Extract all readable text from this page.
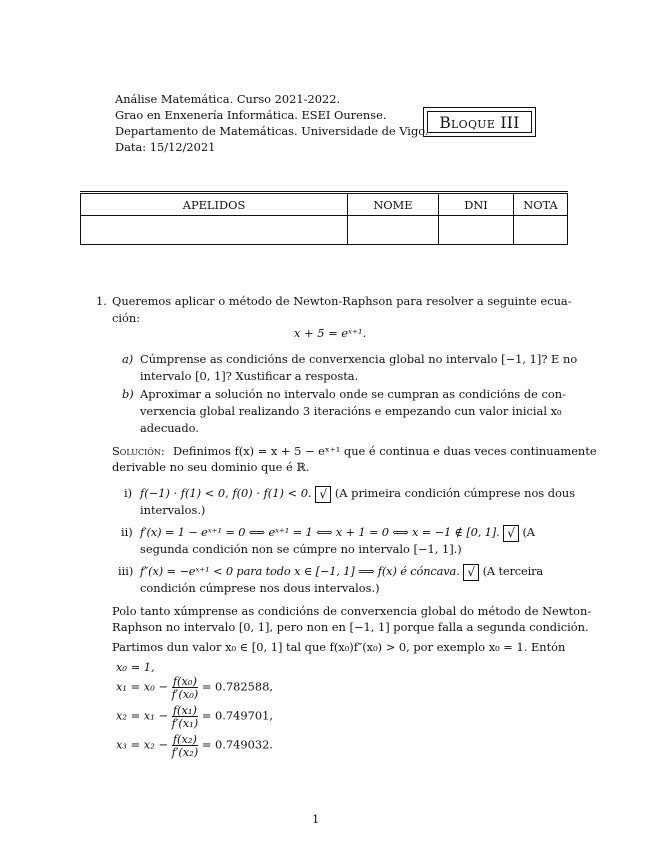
Análise Matemática. Curso 2021-2022.
Grao en Enxenería Informática. ESEI Ourense.
Departamento de Matemáticas. Universidade de Vigo.
Data: 15/12/2021
Bloque III
APELIDOS	NOME	DNI	NOTA

1. Queremos aplicar o método de Newton-Raphson para resolver a seguinte ecua-
ción:
x + 5 = eˣ⁺¹.
a) Cúmprense as condicións de converxencia global no intervalo [−1, 1]? E no
intervalo [0, 1]? Xustificar a resposta.
b) Aproximar a solución no intervalo onde se cumpran as condicións de con-
verxencia global realizando 3 iteracións e empezando cun valor inicial x₀
adecuado.
Solución: Definimos f(x) = x + 5 − eˣ⁺¹ que é continua e duas veces continuamente
derivable no seu dominio que é ℝ.
i) f(−1) · f(1) < 0, f(0) · f(1) < 0. √ (A primeira condición cúmprese nos dous
intervalos.)
ii) f′(x) = 1 − eˣ⁺¹ = 0 ⟺ eˣ⁺¹ = 1 ⟺ x + 1 = 0 ⟺ x = −1 ∉ [0, 1]. √ (A
segunda condición non se cúmpre no intervalo [−1, 1].)
iii) f″(x) = −eˣ⁺¹ < 0 para todo x ∈ [−1, 1] ⟹ f(x) é cóncava. √ (A terceira
condición cúmprese nos dous intervalos.)
Polo tanto xúmprense as condicións de converxencia global do método de Newton-
Raphson no intervalo [0, 1], pero non en [−1, 1] porque falla a segunda condición.
Partimos dun valor x₀ ∈ [0, 1] tal que f(x₀)f″(x₀) > 0, por exemplo x₀ = 1. Entón
x₀ = 1,
$x_1 = x_0 - \frac{\text{f(x₀)}}{\text{f′(x₀)}} = 0.782588$,
$x_2 = x_1 - \frac{\text{f(x₁)}}{\text{f′(x₁)}} = 0.749701$,
$x_3 = x_2 - \frac{\text{f(x₂)}}{\text{f′(x₂)}} = 0.749032$.
1
